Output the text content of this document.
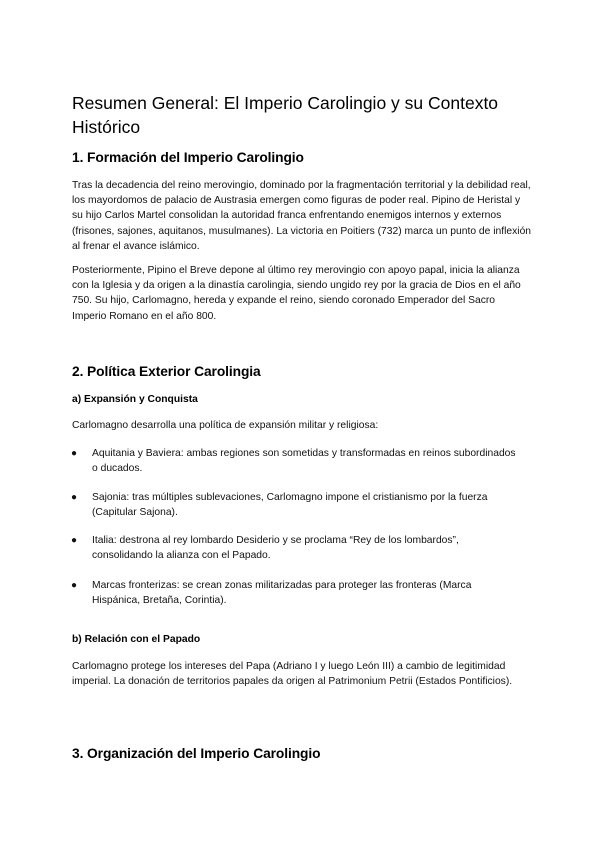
Resumen General: El Imperio Carolingio y su Contexto Histórico
1. Formación del Imperio Carolingio

Tras la decadencia del reino merovingio, dominado por la fragmentación territorial y la debilidad real, los mayordomos de palacio de Austrasia emergen como figuras de poder real. Pipino de Heristal y su hijo Carlos Martel consolidan la autoridad franca enfrentando enemigos internos y externos (frisones, sajones, aquitanos, musulmanes). La victoria en Poitiers (732) marca un punto de inflexión al frenar el avance islámico.

Posteriormente, Pipino el Breve depone al último rey merovingio con apoyo papal, inicia la alianza con la Iglesia y da origen a la dinastía carolingia, siendo ungido rey por la gracia de Dios en el año 750. Su hijo, Carlomagno, hereda y expande el reino, siendo coronado Emperador del Sacro Imperio Romano en el año 800.

2. Política Exterior Carolingia
a) Expansión y Conquista

Carlomagno desarrolla una política de expansión militar y religiosa:

●	Aquitania y Baviera: ambas regiones son sometidas y transformadas en reinos subordinados o ducados.
●	Sajonia: tras múltiples sublevaciones, Carlomagno impone el cristianismo por la fuerza (Capitular Sajona).
●	Italia: destrona al rey lombardo Desiderio y se proclama “Rey de los lombardos”, consolidando la alianza con el Papado.
●	Marcas fronterizas: se crean zonas militarizadas para proteger las fronteras (Marca Hispánica, Bretaña, Corintia).
b) Relación con el Papado

Carlomagno protege los intereses del Papa (Adriano I y luego León III) a cambio de legitimidad imperial. La donación de territorios papales da origen al Patrimonium Petrii (Estados Pontificios).

3. Organización del Imperio Carolingio
